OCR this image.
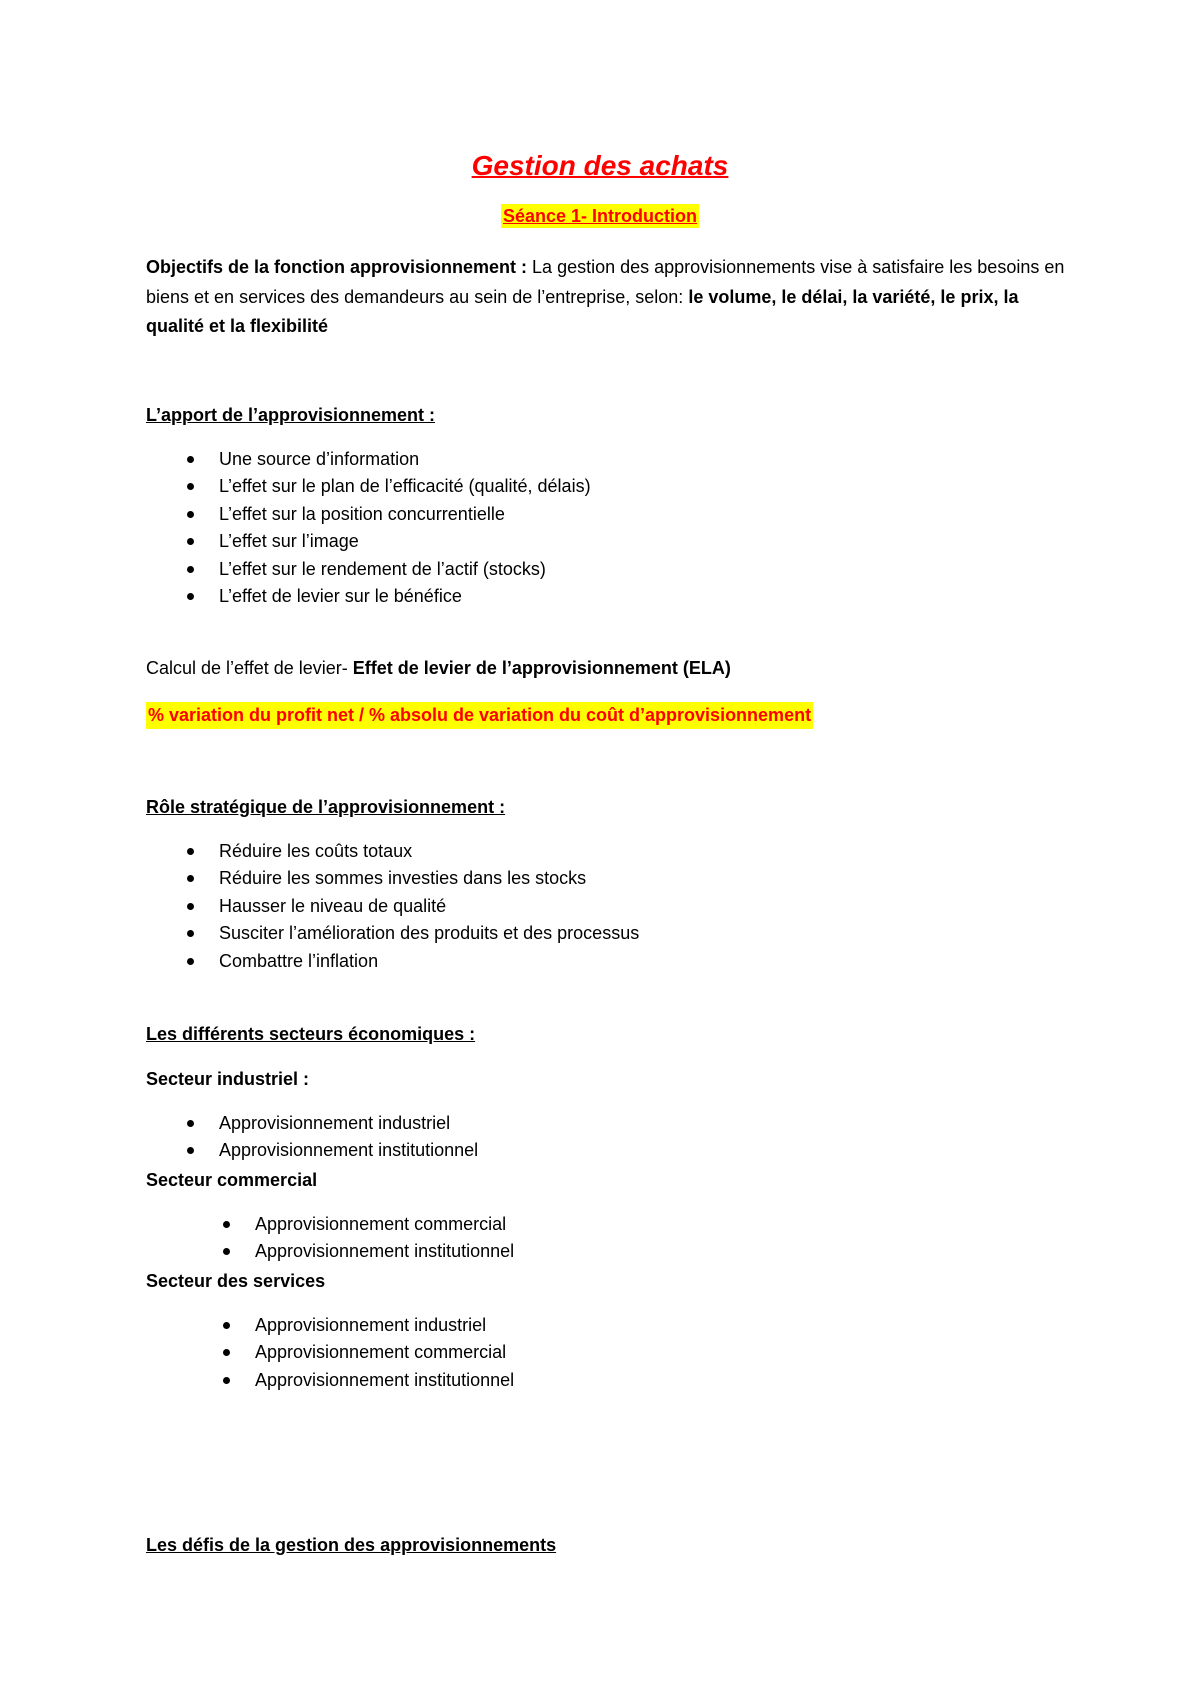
Gestion des achats
Séance 1- Introduction
Objectifs de la fonction approvisionnement : La gestion des approvisionnements vise à satisfaire les besoins en biens et en services des demandeurs au sein de l’entreprise, selon: le volume, le délai, la variété, le prix, la qualité et la flexibilité
L’apport de l’approvisionnement :
Une source d’information
L’effet sur le plan de l’efficacité (qualité, délais)
L’effet sur la position concurrentielle
L’effet sur l’image
L’effet sur le rendement de l’actif (stocks)
L’effet de levier sur le bénéfice
Calcul de l’effet de levier- Effet de levier de l’approvisionnement (ELA)
% variation du profit net / % absolu de variation du coût d’approvisionnement
Rôle stratégique de l’approvisionnement :
Réduire les coûts totaux
Réduire les sommes investies dans les stocks
Hausser le niveau de qualité
Susciter l’amélioration des produits et des processus
Combattre l’inflation
Les différents secteurs économiques :
Secteur industriel :
Approvisionnement industriel
Approvisionnement institutionnel
Secteur commercial
Approvisionnement commercial
Approvisionnement institutionnel
Secteur des services
Approvisionnement industriel
Approvisionnement commercial
Approvisionnement institutionnel
Les défis de la gestion des approvisionnements
